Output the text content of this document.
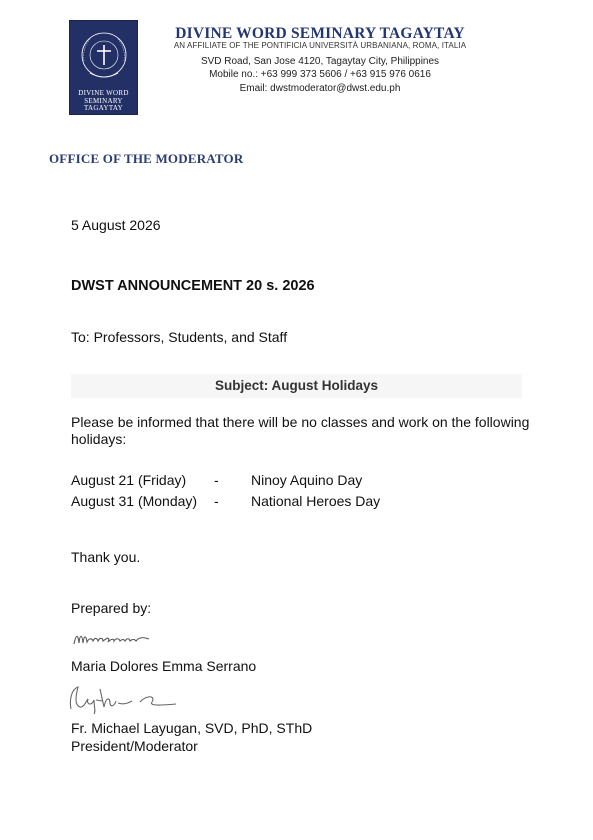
DIVINE WORD
SEMINARY
TAGAYTAY
DIVINE WORD SEMINARY TAGAYTAY
AN AFFILIATE OF THE PONTIFICIA UNIVERSITÀ URBANIANA, ROMA, ITALIA
SVD Road, San Jose 4120, Tagaytay City, Philippines
Mobile no.: +63 999 373 5606 / +63 915 976 0616
Email: dwstmoderator@dwst.edu.ph
OFFICE OF THE MODERATOR
5 August 2026
DWST ANNOUNCEMENT 20 s. 2026
To: Professors, Students, and Staff
Subject: August Holidays
Please be informed that there will be no classes and work on the following holidays:
August 21 (Friday) - Ninoy Aquino Day
August 31 (Monday) - National Heroes Day
Thank you.
Prepared by:
Maria Dolores Emma Serrano
Fr. Michael Layugan, SVD, PhD, SThD
President/Moderator
